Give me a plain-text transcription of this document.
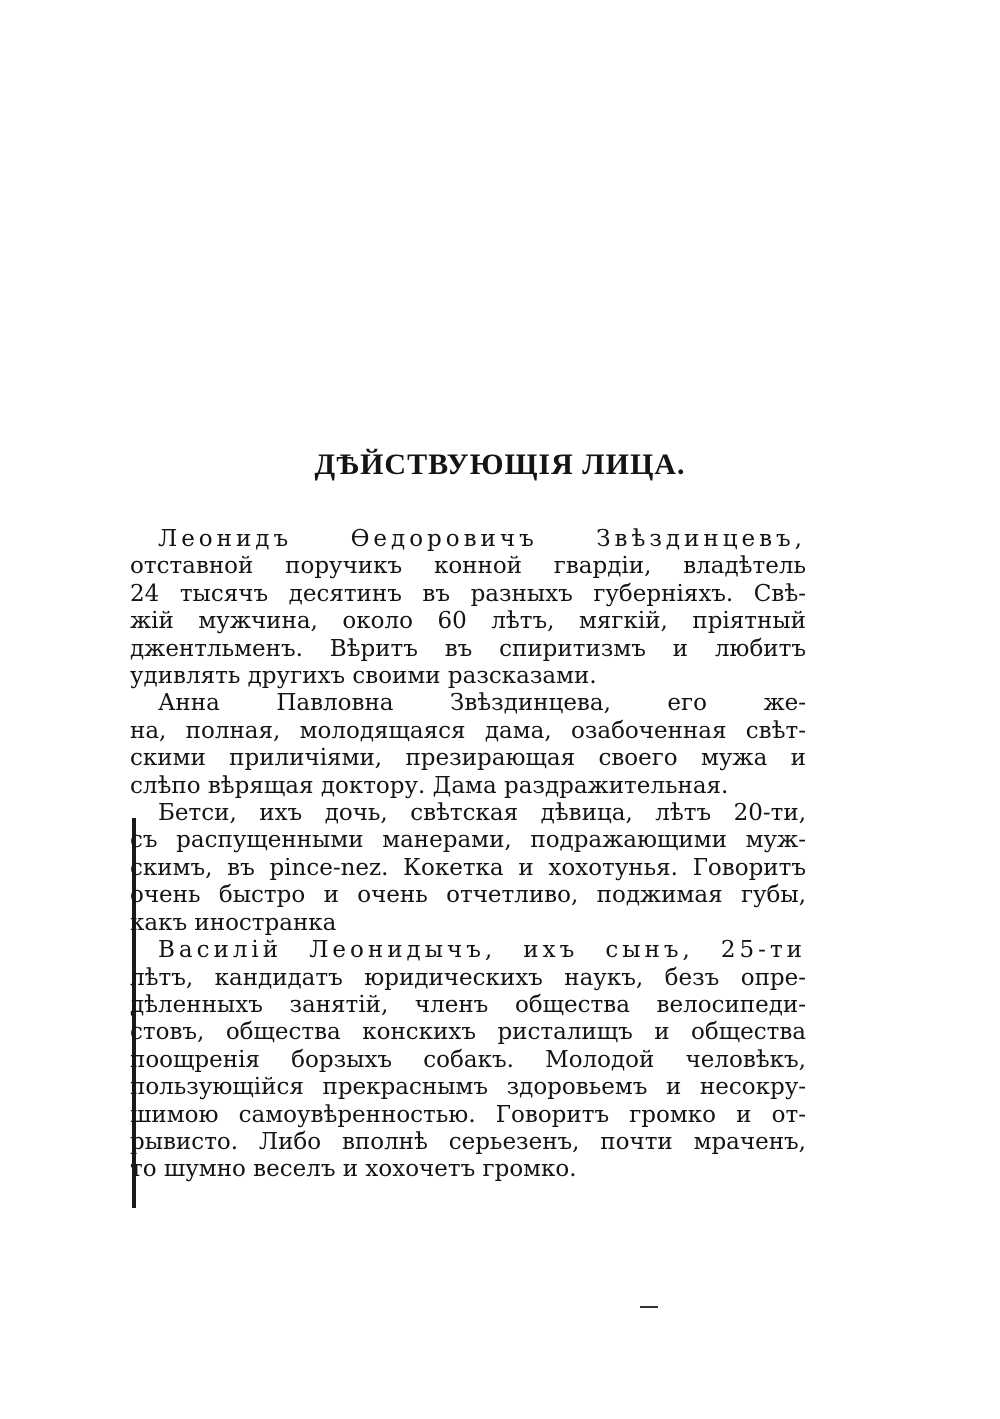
ДѢЙСТВУЮЩІЯ ЛИЦА.
Леонидъ Өедоровичъ Звѣздинцевъ,
отставной поручикъ конной гвардіи, владѣтель
24 тысячъ десятинъ въ разныхъ губерніяхъ. Свѣ-
жій мужчина, около 60 лѣтъ, мягкій, пріятный
джентльменъ. Вѣритъ въ спиритизмъ и любитъ
удивлять другихъ своими разсказами.
Анна Павловна Звѣздинцева, его же-
на, полная, молодящаяся дама, озабоченная свѣт-
скими приличіями, презирающая своего мужа и
слѣпо вѣрящая доктору. Дама раздражительная.
Бетси, ихъ дочь, свѣтская дѣвица, лѣтъ 20-ти,
съ распущенными манерами, подражающими муж-
скимъ, въ pince-nez. Кокетка и хохотунья. Говоритъ
очень быстро и очень отчетливо, поджимая губы,
какъ иностранка
Василій Леонидычъ, ихъ сынъ, 25-ти
лѣтъ, кандидатъ юридическихъ наукъ, безъ опре-
дѣленныхъ занятій, членъ общества велосипеди-
стовъ, общества конскихъ ристалищъ и общества
поощренія борзыхъ собакъ. Молодой человѣкъ,
пользующійся прекраснымъ здоровьемъ и несокру-
шимою самоувѣренностью. Говоритъ громко и от-
рывисто. Либо вполнѣ серьезенъ, почти мраченъ,
то шумно веселъ и хохочетъ громко.
